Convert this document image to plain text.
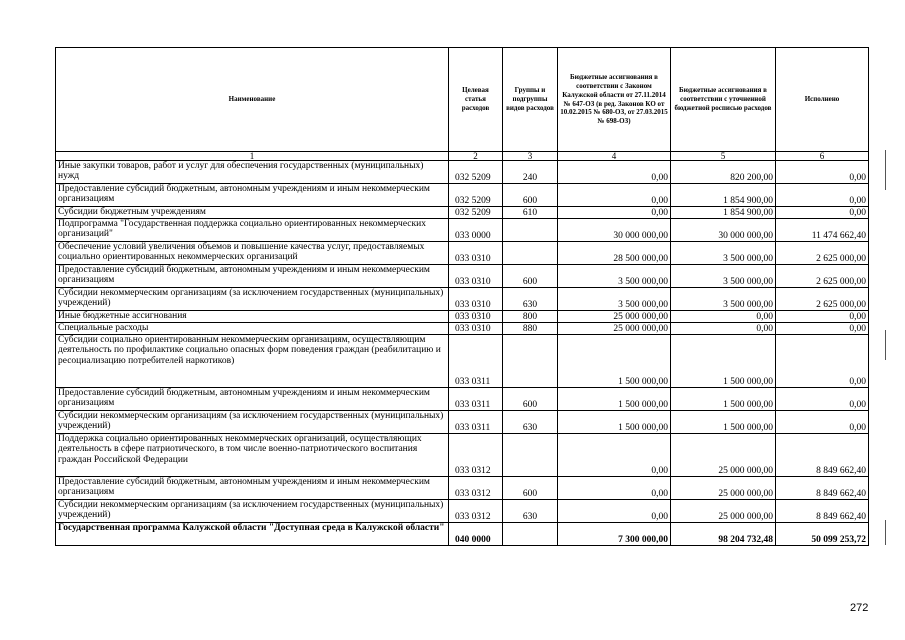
Наименование	Целевая статья расходов	Группы и подгруппы видов расходов	Бюджетные ассигнования в соответствии с Законом Калужской области от 27.11.2014 № 647-ОЗ (в ред. Законов КО от 10.02.2015 № 680-ОЗ, от 27.03.2015 № 698-ОЗ)	Бюджетные ассигнования в соответствии с уточненной бюджетной росписью расходов	Исполнено
1	2	3	4	5	6
Иные закупки товаров, работ и услуг для обеспечения государственных (муниципальных) нужд	032 5209	240	0,00	820 200,00	0,00
Предоставление субсидий бюджетным, автономным учреждениям и иным некоммерческим организациям	032 5209	600	0,00	1 854 900,00	0,00
Субсидии бюджетным учреждениям	032 5209	610	0,00	1 854 900,00	0,00
Подпрограмма "Государственная поддержка социально ориентированных некоммерческих организаций"	033 0000		30 000 000,00	30 000 000,00	11 474 662,40
Обеспечение условий увеличения объемов и повышение качества услуг, предоставляемых социально ориентированных некоммерческих организаций	033 0310		28 500 000,00	3 500 000,00	2 625 000,00
Предоставление субсидий бюджетным, автономным учреждениям и иным некоммерческим организациям	033 0310	600	3 500 000,00	3 500 000,00	2 625 000,00
Субсидии некоммерческим организациям (за исключением государственных (муниципальных) учреждений)	033 0310	630	3 500 000,00	3 500 000,00	2 625 000,00
Иные бюджетные ассигнования	033 0310	800	25 000 000,00	0,00	0,00
Специальные расходы	033 0310	880	25 000 000,00	0,00	0,00
Субсидии социально ориентированным некоммерческим организациям, осуществляющим деятельность по профилактике социально опасных форм поведения граждан (реабилитацию и ресоциализацию потребителей наркотиков)	033 0311		1 500 000,00	1 500 000,00	0,00
Предоставление субсидий бюджетным, автономным учреждениям и иным некоммерческим организациям	033 0311	600	1 500 000,00	1 500 000,00	0,00
Субсидии некоммерческим организациям (за исключением государственных (муниципальных) учреждений)	033 0311	630	1 500 000,00	1 500 000,00	0,00
Поддержка социально ориентированных некоммерческих организаций, осуществляющих деятельность в сфере патриотического, в том числе военно-патриотического воспитания граждан Российской Федерации	033 0312		0,00	25 000 000,00	8 849 662,40
Предоставление субсидий бюджетным, автономным учреждениям и иным некоммерческим организациям	033 0312	600	0,00	25 000 000,00	8 849 662,40
Субсидии некоммерческим организациям (за исключением государственных (муниципальных) учреждений)	033 0312	630	0,00	25 000 000,00	8 849 662,40
Государственная программа Калужской области "Доступная среда в Калужской области"	040 0000		7 300 000,00	98 204 732,48	50 099 253,72
272
